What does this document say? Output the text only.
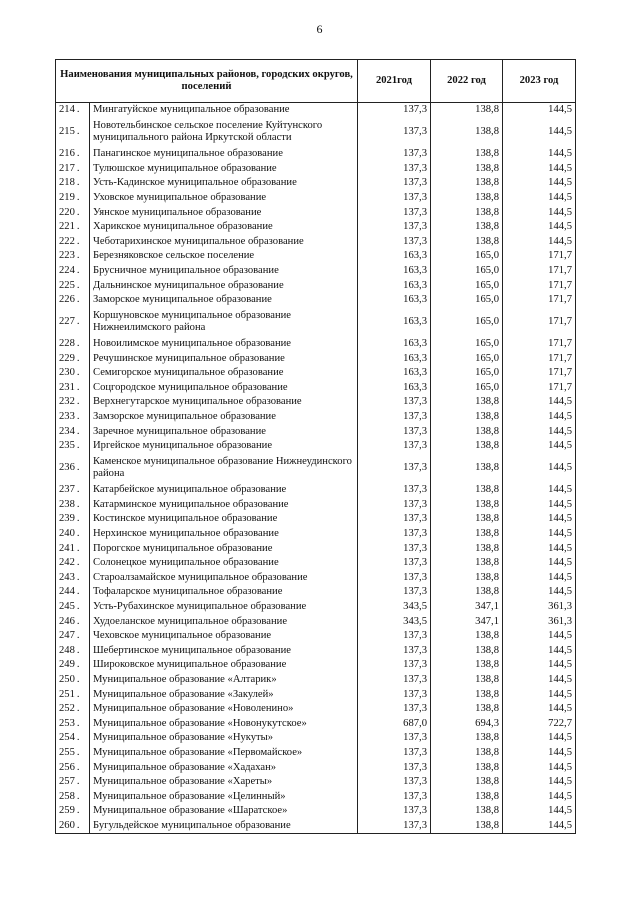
6
Наименования муниципальных районов, городских округов, поселений		2021год	2022 год	2023 год
214 .	Мингатуйское муниципальное образование	137,3	138,8	144,5
215 .	Новотельбинское сельское поселение Куйтунского муниципального района Иркутской области	137,3	138,8	144,5
216 .	Панагинское муниципальное образование	137,3	138,8	144,5
217 .	Тулюшское муниципальное образование	137,3	138,8	144,5
218 .	Усть-Кадинское муниципальное образование	137,3	138,8	144,5
219 .	Уховское муниципальное образование	137,3	138,8	144,5
220 .	Уянское муниципальное образование	137,3	138,8	144,5
221 .	Харикское муниципальное образование	137,3	138,8	144,5
222 .	Чеботарихинское муниципальное образование	137,3	138,8	144,5
223 .	Березняковское сельское поселение	163,3	165,0	171,7
224 .	Брусничное муниципальное образование	163,3	165,0	171,7
225 .	Дальнинское муниципальное образование	163,3	165,0	171,7
226 .	Заморское муниципальное образование	163,3	165,0	171,7
227 .	Коршуновское муниципальное образование Нижнеилимского района	163,3	165,0	171,7
228 .	Новоилимское муниципальное образование	163,3	165,0	171,7
229 .	Речушинское муниципальное образование	163,3	165,0	171,7
230 .	Семигорское муниципальное образование	163,3	165,0	171,7
231 .	Соцгородское муниципальное образование	163,3	165,0	171,7
232 .	Верхнегутарское муниципальное образование	137,3	138,8	144,5
233 .	Замзорское муниципальное образование	137,3	138,8	144,5
234 .	Заречное муниципальное образование	137,3	138,8	144,5
235 .	Иргейское муниципальное образование	137,3	138,8	144,5
236 .	Каменское муниципальное образование Нижнеудинского района	137,3	138,8	144,5
237 .	Катарбейское муниципальное образование	137,3	138,8	144,5
238 .	Катарминское муниципальное образование	137,3	138,8	144,5
239 .	Костинское муниципальное образование	137,3	138,8	144,5
240 .	Нерхинское муниципальное образование	137,3	138,8	144,5
241 .	Порогское муниципальное образование	137,3	138,8	144,5
242 .	Солонецкое муниципальное образование	137,3	138,8	144,5
243 .	Староалзамайское муниципальное образование	137,3	138,8	144,5
244 .	Тофаларское муниципальное образование	137,3	138,8	144,5
245 .	Усть-Рубахинское муниципальное образование	343,5	347,1	361,3
246 .	Худоеланское муниципальное образование	343,5	347,1	361,3
247 .	Чеховское муниципальное образование	137,3	138,8	144,5
248 .	Шебертинское муниципальное образование	137,3	138,8	144,5
249 .	Широковское муниципальное образование	137,3	138,8	144,5
250 .	Муниципальное образование «Алтарик»	137,3	138,8	144,5
251 .	Муниципальное образование «Закулей»	137,3	138,8	144,5
252 .	Муниципальное образование «Новоленино»	137,3	138,8	144,5
253 .	Муниципальное образование «Новонукутское»	687,0	694,3	722,7
254 .	Муниципальное образование «Нукуты»	137,3	138,8	144,5
255 .	Муниципальное образование «Первомайское»	137,3	138,8	144,5
256 .	Муниципальное образование «Хадахан»	137,3	138,8	144,5
257 .	Муниципальное образование «Хареты»	137,3	138,8	144,5
258 .	Муниципальное образование «Целинный»	137,3	138,8	144,5
259 .	Муниципальное образование «Шаратское»	137,3	138,8	144,5
260 .	Бугульдейское муниципальное образование	137,3	138,8	144,5
